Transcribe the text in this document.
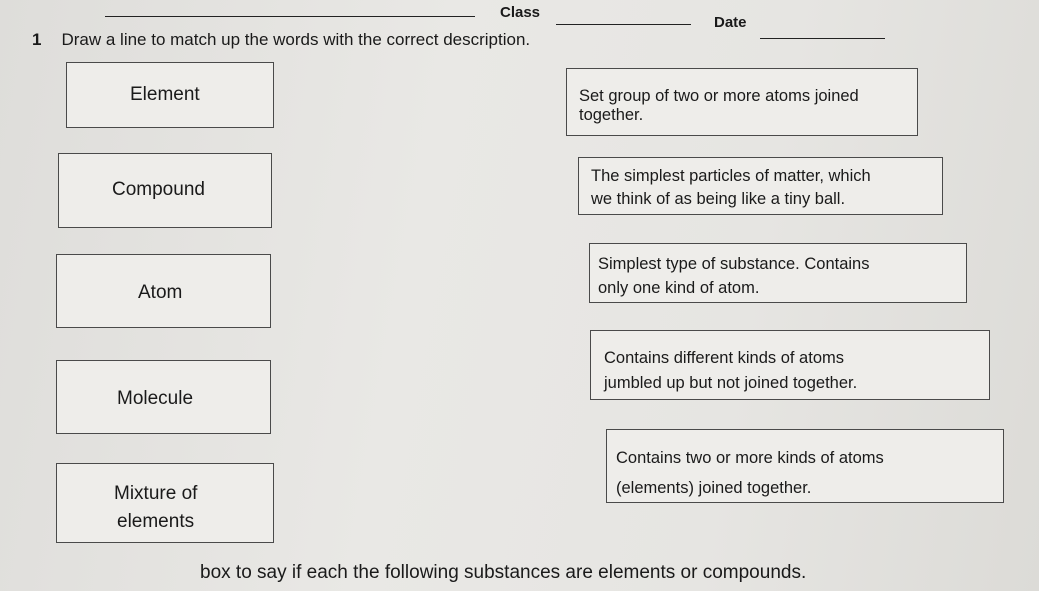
Class
Date
1 Draw a line to match up the words with the correct description.
Element
Compound
Atom
Molecule
Mixture of
elements
Set group of two or more atoms joined
together.
The simplest particles of matter, which
we think of as being like a tiny ball.
Simplest type of substance. Contains
only one kind of atom.
Contains different kinds of atoms
jumbled up but not joined together.
Contains two or more kinds of atoms
(elements) joined together.
box to say if each the following substances are elements or compounds.
